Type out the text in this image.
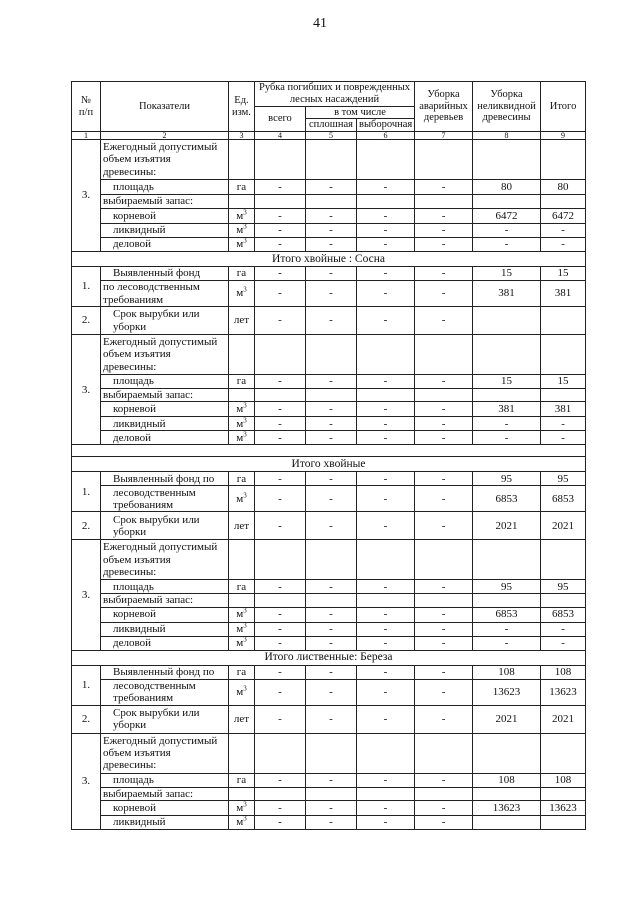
41
№
п/п	Показатели	Ед.
изм.	Рубка погибших и поврежденных лесных насаждений			Уборка аварийных деревьев	Уборка неликвидной древесины	Итого
			всего	в том числе				
				сплошная	выборочная			
1	2	3	4	5	6	7	8	9
3.	Ежегодный допустимый объем изъятия древесины:							
	площадь	га	-	-	-	-	80	80
	выбираемый запас:							
	корневой	$м^3$	-	-	-	-	6472	6472
	ликвидный	$м^3$	-	-	-	-	-	-
	деловой	$м^3$	-	-	-	-	-	-
Итого хвойные : Сосна								
1.	Выявленный фонд	га	-	-	-	-	15	15
	по лесоводственным требованиям	$м^3$	-	-	-	-	381	381
2.	Срок вырубки или уборки	лет	-	-	-	-		
3.	Ежегодный допустимый объем изъятия древесины:							
	площадь	га	-	-	-	-	15	15
	выбираемый запас:							
	корневой	$м^3$	-	-	-	-	381	381
	ликвидный	$м^3$	-	-	-	-	-	-
	деловой	$м^3$	-	-	-	-	-	-

Итого хвойные								
1.	Выявленный фонд по	га	-	-	-	-	95	95
	лесоводственным требованиям	$м^3$	-	-	-	-	6853	6853
2.	Срок вырубки или уборки	лет	-	-	-	-	2021	2021
3.	Ежегодный допустимый объем изъятия древесины:							
	площадь	га	-	-	-	-	95	95
	выбираемый запас:							
	корневой	$м^3$	-	-	-	-	6853	6853
	ликвидный	$м^3$	-	-	-	-	-	-
	деловой	$м^3$	-	-	-	-	-	-
Итого лиственные: Береза								
1.	Выявленный фонд по	га	-	-	-	-	108	108
	лесоводственным требованиям	$м^3$	-	-	-	-	13623	13623
2.	Срок вырубки или уборки	лет	-	-	-	-	2021	2021
3.	Ежегодный допустимый объем изъятия древесины:							
	площадь	га	-	-	-	-	108	108
	выбираемый запас:							
	корневой	$м^3$	-	-	-	-	13623	13623
	ликвидный	$м^3$	-	-	-	-		
